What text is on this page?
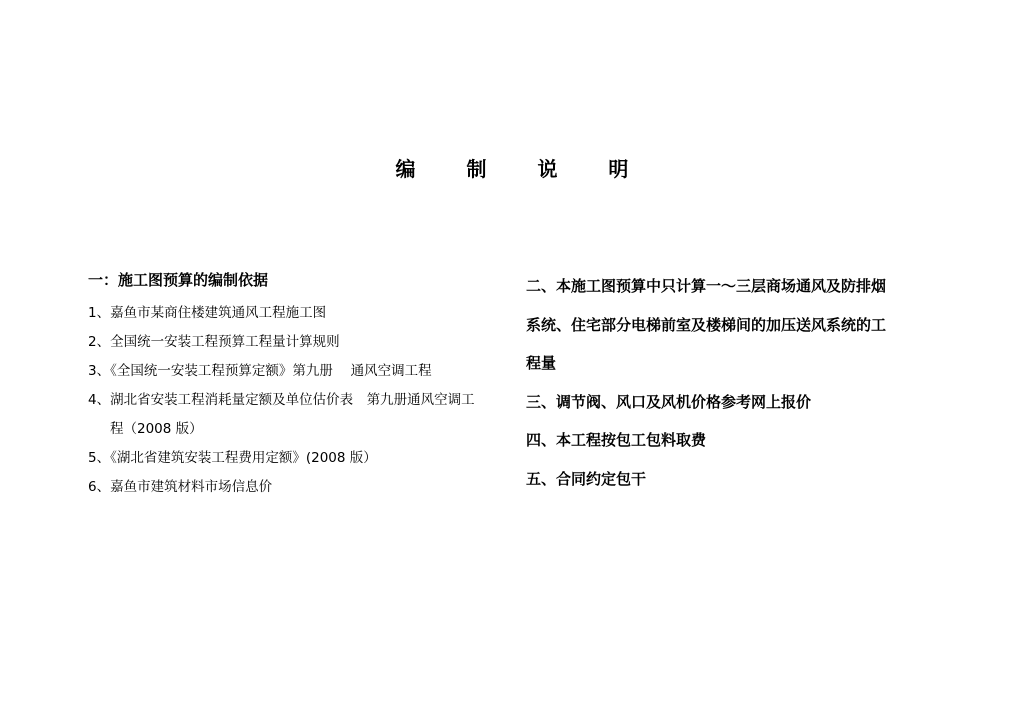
编 制 说 明
一：施工图预算的编制依据
1、嘉鱼市某商住楼建筑通风工程施工图
2、全国统一安装工程预算工程量计算规则
3、《全国统一安装工程预算定额》第九册　 通风空调工程
4、湖北省安装工程消耗量定额及单位估价表　第九册通风空调工
程（2008 版）
5、《湖北省建筑安装工程费用定额》(2008 版）
6、嘉鱼市建筑材料市场信息价
二、本施工图预算中只计算一～三层商场通风及防排烟
系统、住宅部分电梯前室及楼梯间的加压送风系统的工
程量
三、调节阀、风口及风机价格参考网上报价
四、本工程按包工包料取费
五、合同约定包干
